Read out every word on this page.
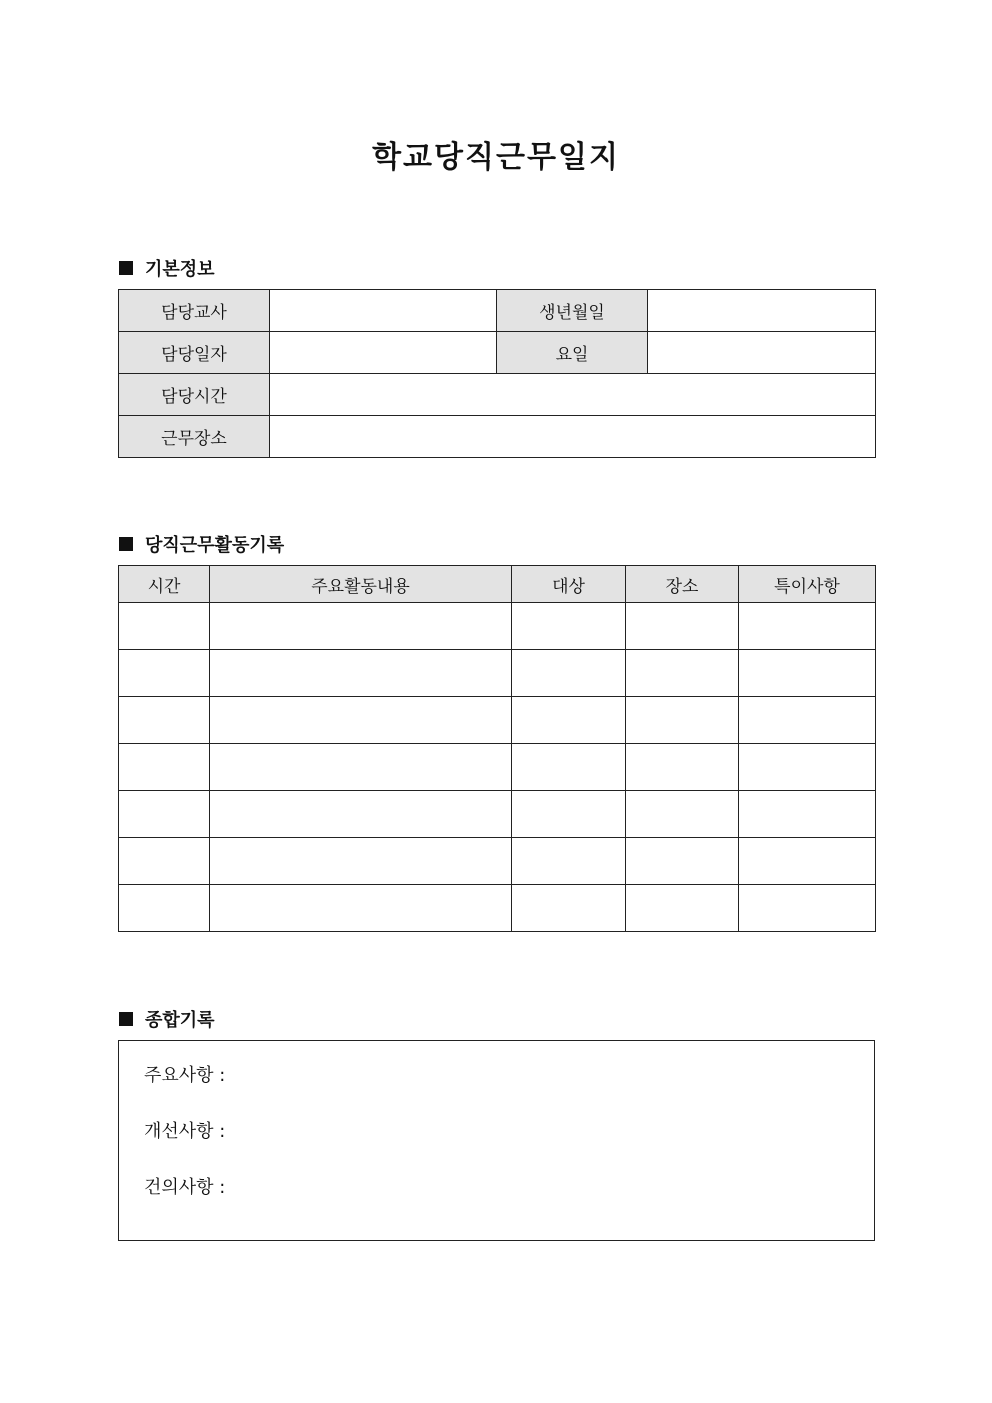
학교당직근무일지
기본정보
담당교사		생년월일	
담당일자		요일	
담당시간			
근무장소			
당직근무활동기록
시간	주요활동내용	대상	장소	특이사항

종합기록
주요사항 :
개선사항 :
건의사항 :
